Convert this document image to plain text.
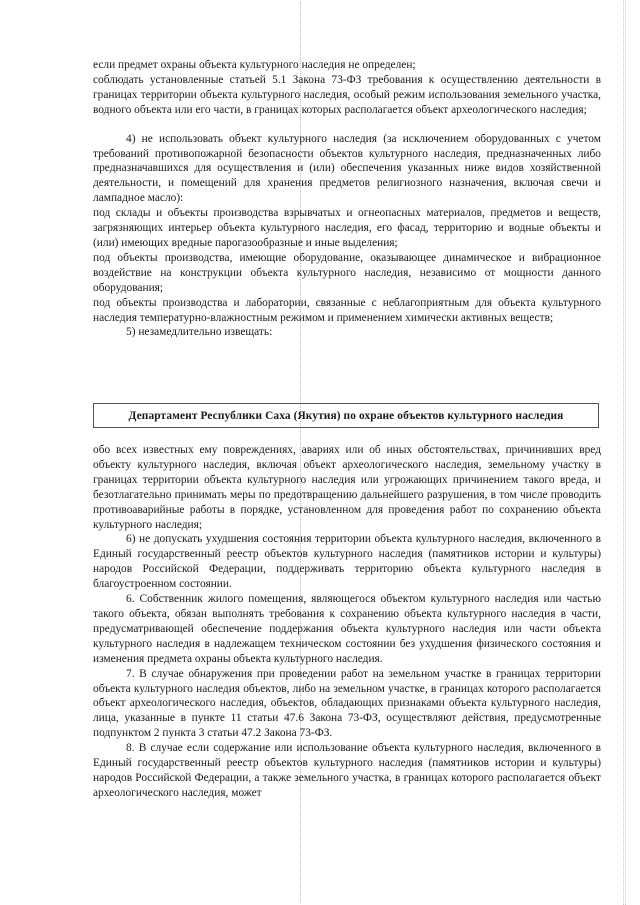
если предмет охраны объекта культурного наследия не определен;

соблюдать установленные статьей 5.1 Закона 73-ФЗ требования к осуществлению деятельности в границах территории объекта культурного наследия, особый режим использования земельного участка, водного объекта или его части, в границах которых располагается объект археологического наследия;

4) не использовать объект культурного наследия (за исключением оборудованных с учетом требований противопожарной безопасности объектов культурного наследия, предназначенных либо предназначавшихся для осуществления и (или) обеспечения указанных ниже видов хозяйственной деятельности, и помещений для хранения предметов религиозного назначения, включая свечи и лампадное масло):

под склады и объекты производства взрывчатых и огнеопасных материалов, предметов и веществ, загрязняющих интерьер объекта культурного наследия, его фасад, территорию и водные объекты и (или) имеющих вредные парогазообразные и иные выделения;

под объекты производства, имеющие оборудование, оказывающее динамическое и вибрационное воздействие на конструкции объекта культурного наследия, независимо от мощности данного оборудования;

под объекты производства и лаборатории, связанные с неблагоприятным для объекта культурного наследия температурно-влажностным режимом и применением химически активных веществ;

5) незамедлительно извещать:

Департамент Республики Саха (Якутия) по охране объектов культурного наследия

обо всех известных ему повреждениях, авариях или об иных обстоятельствах, причинивших вред объекту культурного наследия, включая объект археологического наследия, земельному участку в границах территории объекта культурного наследия или угрожающих причинением такого вреда, и безотлагательно принимать меры по предотвращению дальнейшего разрушения, в том числе проводить противоаварийные работы в порядке, установленном для проведения работ по сохранению объекта культурного наследия;

6) не допускать ухудшения состояния территории объекта культурного наследия, включенного в Единый государственный реестр объектов культурного наследия (памятников истории и культуры) народов Российской Федерации, поддерживать территорию объекта культурного наследия в благоустроенном состоянии.

6. Собственник жилого помещения, являющегося объектом культурного наследия или частью такого объекта, обязан выполнять требования к сохранению объекта культурного наследия в части, предусматривающей обеспечение поддержания объекта культурного наследия или части объекта культурного наследия в надлежащем техническом состоянии без ухудшения физического состояния и изменения предмета охраны объекта культурного наследия.

7. В случае обнаружения при проведении работ на земельном участке в границах территории объекта культурного наследия объектов, либо на земельном участке, в границах которого располагается объект археологического наследия, объектов, обладающих признаками объекта культурного наследия, лица, указанные в пункте 11 статьи 47.6 Закона 73-ФЗ, осуществляют действия, предусмотренные подпунктом 2 пункта 3 статьи 47.2 Закона 73-ФЗ.

8. В случае если содержание или использование объекта культурного наследия, включенного в Единый государственный реестр объектов культурного наследия (памятников истории и культуры) народов Российской Федерации, а также земельного участка, в границах которого располагается объект археологического наследия, может
